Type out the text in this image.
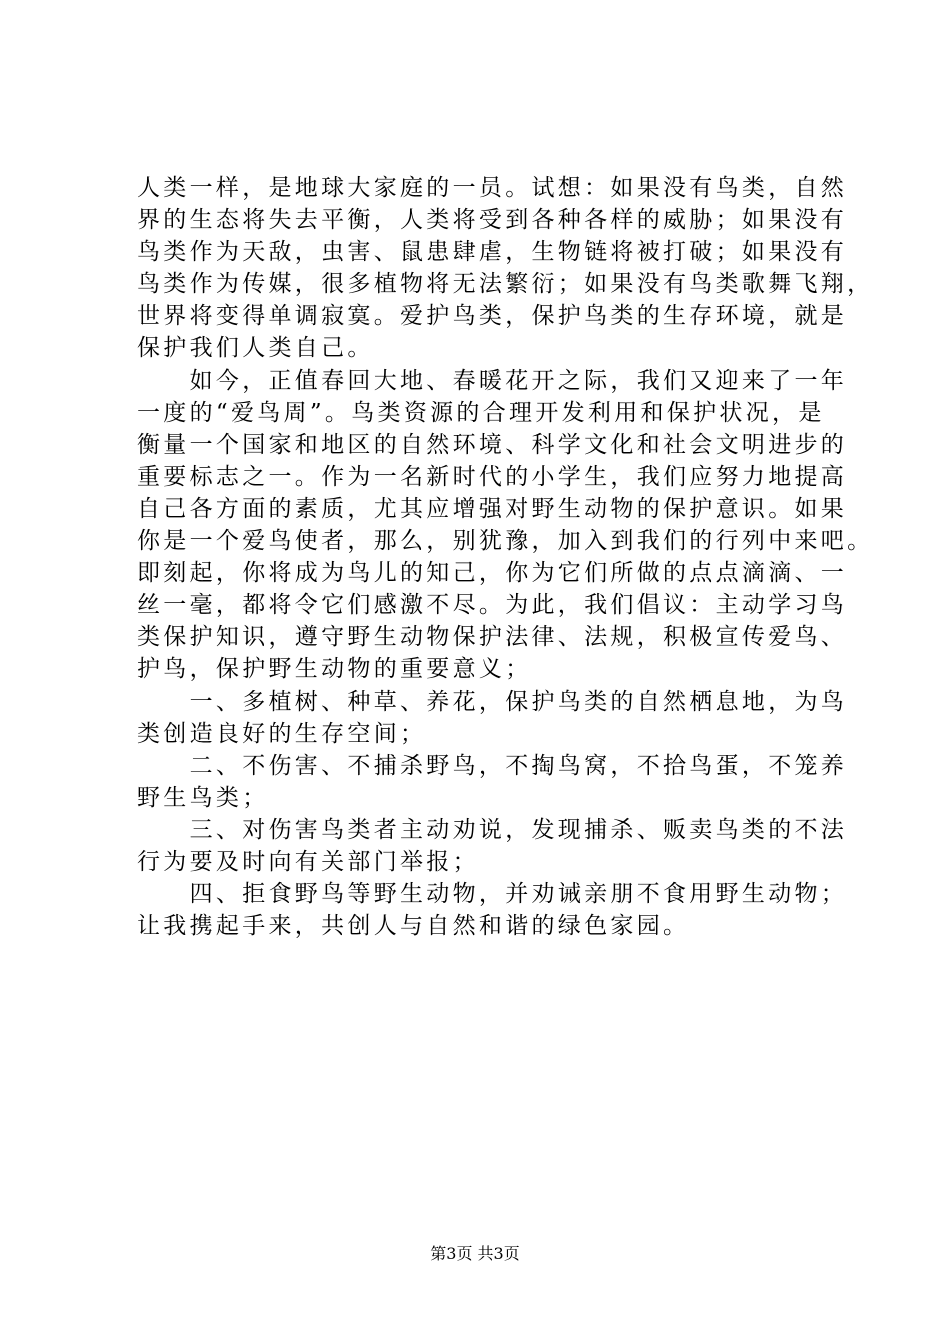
人类一样，是地球大家庭的一员。试想：如果没有鸟类，自然
界的生态将失去平衡，人类将受到各种各样的威胁；如果没有
鸟类作为天敌，虫害、鼠患肆虐，生物链将被打破；如果没有
鸟类作为传媒，很多植物将无法繁衍；如果没有鸟类歌舞飞翔，
世界将变得单调寂寞。爱护鸟类，保护鸟类的生存环境，就是
保护我们人类自己。
　　如今，正值春回大地、春暖花开之际，我们又迎来了一年
一度的“爱鸟周”。鸟类资源的合理开发利用和保护状况，是
衡量一个国家和地区的自然环境、科学文化和社会文明进步的
重要标志之一。作为一名新时代的小学生，我们应努力地提高
自己各方面的素质，尤其应增强对野生动物的保护意识。如果
你是一个爱鸟使者，那么，别犹豫，加入到我们的行列中来吧。
即刻起，你将成为鸟儿的知己，你为它们所做的点点滴滴、一
丝一毫，都将令它们感激不尽。为此，我们倡议：主动学习鸟
类保护知识，遵守野生动物保护法律、法规，积极宣传爱鸟、
护鸟，保护野生动物的重要意义；
　　一、多植树、种草、养花，保护鸟类的自然栖息地，为鸟
类创造良好的生存空间；
　　二、不伤害、不捕杀野鸟，不掏鸟窝，不拾鸟蛋，不笼养
野生鸟类；
　　三、对伤害鸟类者主动劝说，发现捕杀、贩卖鸟类的不法
行为要及时向有关部门举报；
　　四、拒食野鸟等野生动物，并劝诫亲朋不食用野生动物；
让我携起手来，共创人与自然和谐的绿色家园。
第3页 共3页
